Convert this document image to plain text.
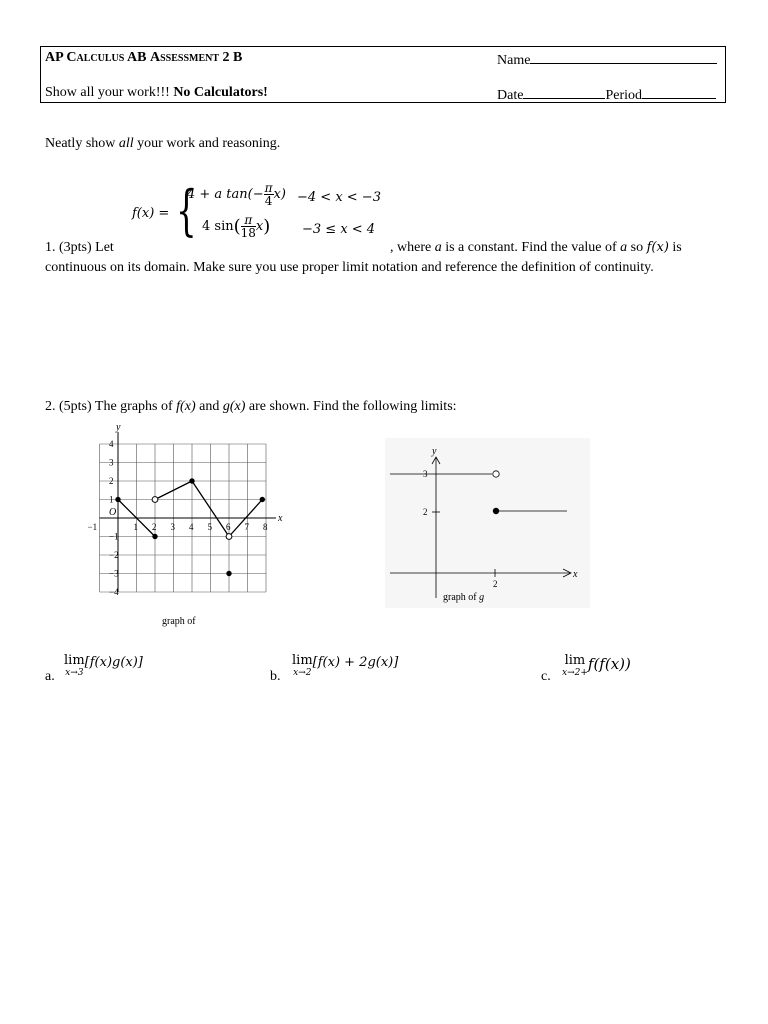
AP Calculus AB Assessment 2 B	Name
Show all your work!!! No Calculators!	Date	Period
Neatly show all your work and reasoning.
f(x) = {
4 + a $\tan(- \frac{\pi}{4} x) -4 < x < -3$
4 $\sin( \frac{\pi}{18} x) -3 \le x < 4$
1. (3pts) Let	, where a is a constant. Find the value of a so f(x) is
continuous on its domain. Make sure you use proper limit notation and reference the definition of continuity.
2. (5pts) The graphs of f(x) and g(x) are shown. Find the following limits:
4
3
2
1
−1
−2
−3
−4
−1	1 2 3 4 5 6 7 8
y
x
O
graph of
y
x
3
2
2
graph of g
a.
lim
x→3
[f(x)g(x)]
b.
lim
x→2
[f(x) + 2g(x)]
c.
lim
x→2+ f(f(x))
